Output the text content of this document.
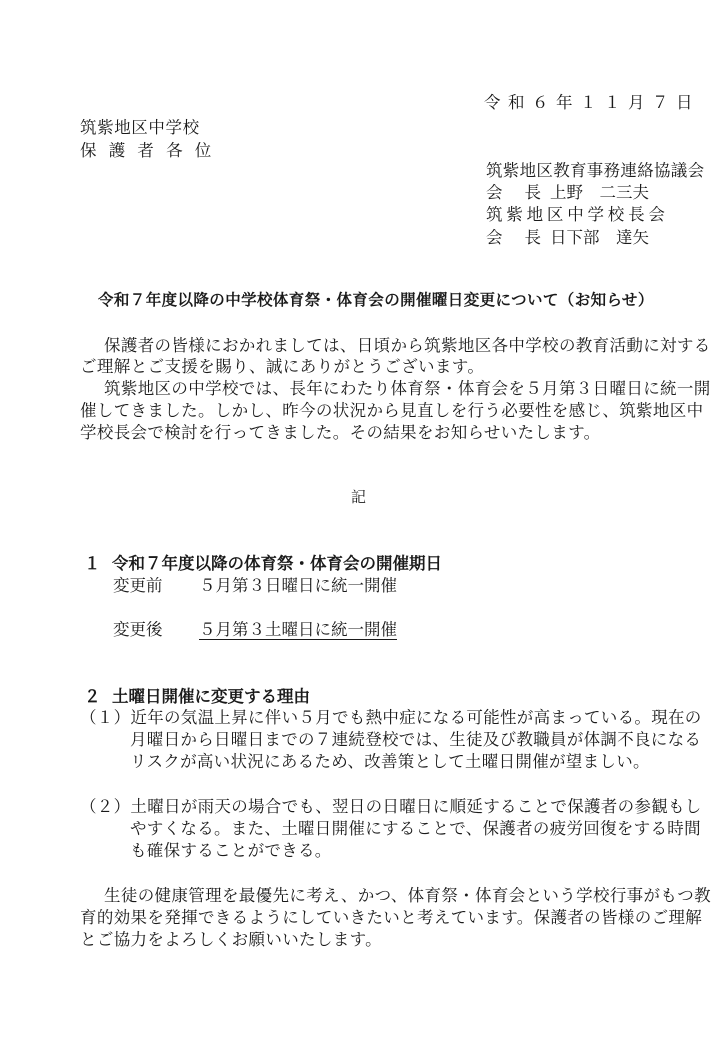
令和６年１１月７日
筑紫地区中学校
保護者各位
筑紫地区教育事務連絡協議会
会 長 上野　二三夫
筑紫地区中学校長会
会 長 日下部　達矢
令和７年度以降の中学校体育祭・体育会の開催曜日変更について（お知らせ）
保護者の皆様におかれましては、日頃から筑紫地区各中学校の教育活動に対する
ご理解とご支援を賜り、誠にありがとうございます。
筑紫地区の中学校では、長年にわたり体育祭・体育会を５月第３日曜日に統一開
催してきました。しかし、昨今の状況から見直しを行う必要性を感じ、筑紫地区中
学校長会で検討を行ってきました。その結果をお知らせいたします。
記
１ 令和７年度以降の体育祭・体育会の開催期日
変更前 ５月第３日曜日に統一開催
変更後 ５月第３土曜日に統一開催
２ 土曜日開催に変更する理由
（１）近年の気温上昇に伴い５月でも熱中症になる可能性が高まっている。現在の
月曜日から日曜日までの７連続登校では、生徒及び教職員が体調不良になる
リスクが高い状況にあるため、改善策として土曜日開催が望ましい。
（２）土曜日が雨天の場合でも、翌日の日曜日に順延することで保護者の参観もし
やすくなる。また、土曜日開催にすることで、保護者の疲労回復をする時間
も確保することができる。
生徒の健康管理を最優先に考え、かつ、体育祭・体育会という学校行事がもつ教
育的効果を発揮できるようにしていきたいと考えています。保護者の皆様のご理解
とご協力をよろしくお願いいたします。
